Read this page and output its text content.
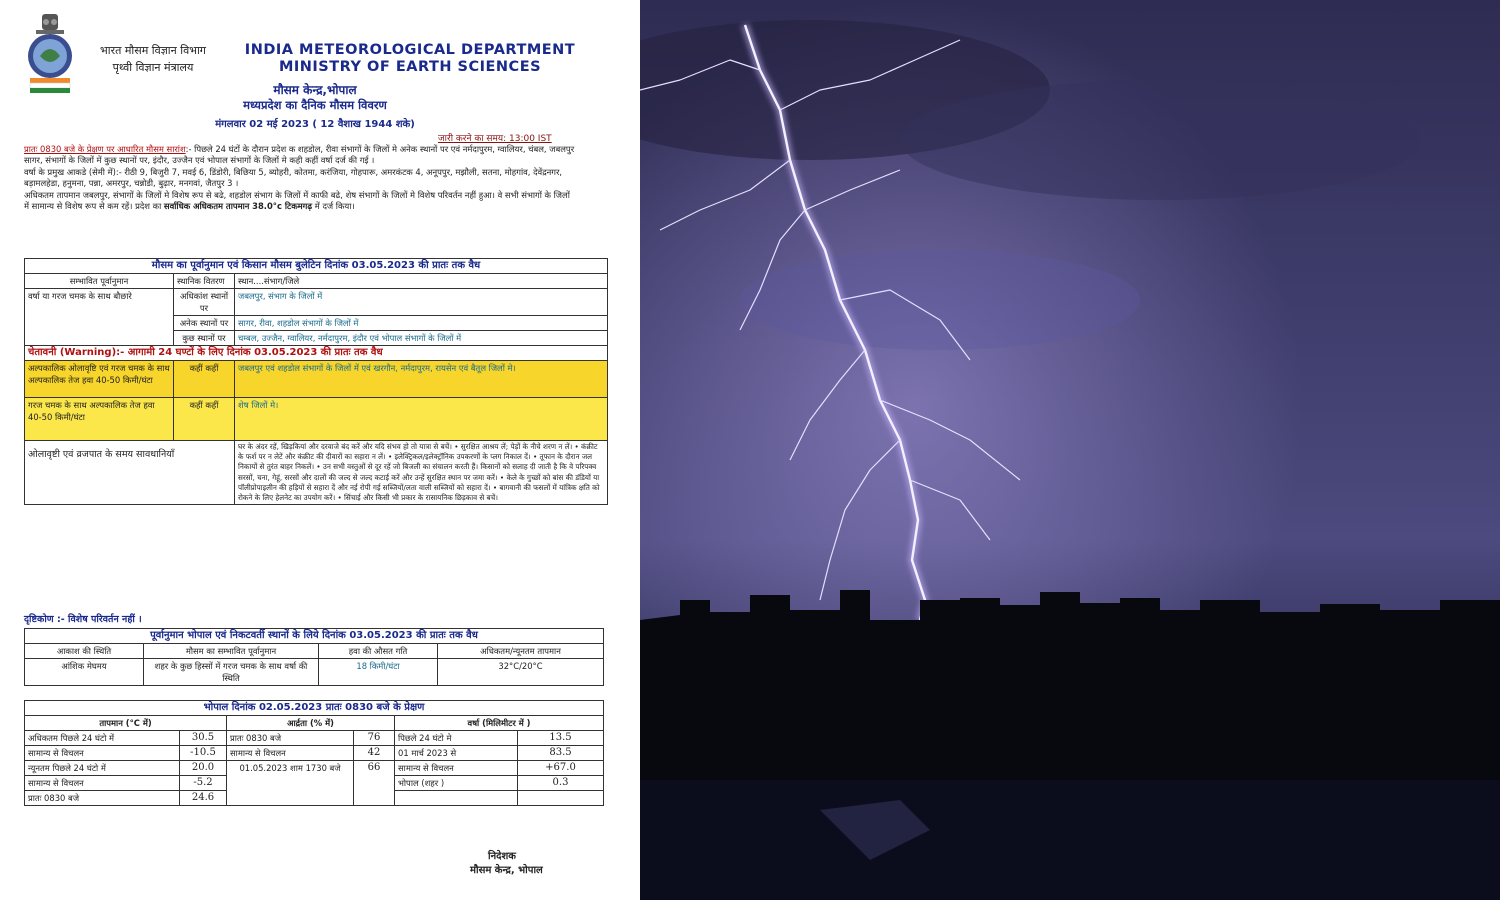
भारत मौसम विज्ञान विभाग
पृथ्वी विज्ञान मंत्रालय
INDIA METEOROLOGICAL DEPARTMENT
MINISTRY OF EARTH SCIENCES
मौसम केन्द्र,भोपाल
मध्यप्रदेश का दैनिक मौसम विवरण
मंगलवार 02 मई 2023 ( 12 वैशाख 1944 शके)
जारी करने का समय: 13:00 IST
प्रातः 0830 बजे के प्रेक्षण पर आधारित मौसम सारांश:- पिछले 24 घंटों के दौरान प्रदेश क शहडोल, रीवा संभागों के जिलों मे अनेक स्थानों पर एवं नर्मदापुरम, ग्वालियर, चंबल, जबलपुर सागर, संभागों के जिलों में कुछ स्थानों पर, इंदौर, उज्जैन एवं भोपाल संभागों के जिलों मे कही कहीं वर्षा दर्ज की गई ।
वर्षा के प्रमुख आकडे (सेमी में):- रीठी 9, बिजुरी 7, मवई 6, डिंडोरी, बिछिया 5, ब्योहरी, कोतमा, करंजिया, गोहपारू, अमरकंटक 4, अनूपपुर, मझौली, सतना, मोहगांव, देवेंद्रनगर, बड़ामलहेडा, हनुमना, पन्ना, अमरपुर, चन्नोडी, बुढ़ार, मनगवां, जैतपुर 3 ।
अधिकतम तापमान जबलपुर, संभागों के जिलों मे विशेष रूप से बढे, शहडोल संभाग के जिलों में काफी बढे, शेष संभागों के जिलों मे विशेष परिवर्तन नहीं हुआ। वे सभी संभागों के जिलों में सामान्य से विशेष रूप से कम रहें। प्रदेश का सर्वाधिक अधिकतम तापमान 38.0°c टिकमगढ़ में दर्ज किया।
मौसम का पूर्वानुमान एवं किसान मौसम बुलेटिन दिनांक 03.05.2023 की प्रातः तक वैध		
सम्भावित पूर्वानुमान	स्थानिक वितरण	स्थान....संभाग/जिले
वर्षा या गरज चमक के साथ बौछारे	अधिकांश स्थानों पर	जबलपुर, संभाग के जिलों में
	अनेक स्थानों पर	सागर, रीवा, शहडोल संभागों के जिलों में
	कुछ स्थानों पर	चम्बल, उज्जैन, ग्वालियर, नर्मदापुरम, इंदौर एवं भोपाल संभागों के जिलों में
चेतावनी (Warning):- आगामी 24 घण्टों के लिए दिनांक 03.05.2023 की प्रातः तक वैध		
अल्पकालिक ओलावृष्टि एवं गरज चमक के साथ अल्पकालिक तेज हवा 40-50 किमी/घंटा	कहीं कहीं	जबलपुर एवं शहडोल संभागों के जिलों में एवं खरगौन, नर्मदापुरम, रायसेन एवं बैतूल जिलों मे।
गरज चमक के साथ अल्पकालिक तेज हवा 40-50 किमी/घंटा	कहीं कहीं	शेष जिलों मे।
ओलावृष्टी एवं व्रजपात के समय सावधानियाँ		घर के अंदर रहें, खिड़कियां और दरवाजे बंद करें और यदि संभव हो तो यात्रा से बचें। • सुरक्षित आश्रय लें; पेड़ों के नीचे शरण न लें। • कंक्रीट के फर्श पर न लेटें और कंक्रीट की दीवारों का सहारा न लें। • इलेक्ट्रिकल/इलेक्ट्रॉनिक उपकरणों के प्लग निकाल दें। • तूफान के दौरान जल निकायों से तुरंत बाहर निकलें। • उन सभी वस्तुओं से दूर रहें जो बिजली का संचालन करती हैं। किसानों को सलाह दी जाती है कि वे परिपक्व सरसों, चना, गेहूं, सरसों और दालों की जल्द से जल्द कटाई करें और उन्हें सुरक्षित स्थान पर जमा करें। • केले के गुच्छों को बांस की डंडियों या पॉलीप्रोपाइलीन की हड़ियों से सहारा दें और नई रोपी गई सब्जियों/लता वाली सब्जियों को सहारा दें। • बागवानी की फसलों में यांत्रिक क्षति को रोकने के लिए हेलनेट का उपयोग करें। • सिंचाई और किसी भी प्रकार के रासायनिक छिड़काव से बचें।
दृष्टिकोण :- विशेष परिवर्तन नहीं ।
पूर्वानुमान भोपाल एवं निकटवर्ती स्थानों के लिये दिनांक 03.05.2023 की प्रातः तक वैध			
आकाश की स्थिति	मौसम का सम्भावित पूर्वानुमान	हवा की औसत गति	अधिकतम/न्यूनतम तापमान
आंशिक मेघमय	शहर के कुछ हिस्सों में गरज चमक के साथ वर्षा की स्थिति	18 किमी/घंटा	32°C/20°C
भोपाल दिनांक 02.05.2023 प्रातः 0830 बजे के प्रेक्षण					
तापमान (°C में)		आर्द्रता (% में)		वर्षा (मिलिमीटर में )	
अधिकतम पिछले 24 घंटो में	30.5	प्रातः 0830 बजे	76	पिछले 24 घंटो मे	13.5
सामान्य से विचलन	-10.5	सामान्य से विचलन	42	01 मार्च 2023 से	83.5
न्यूनतम पिछले 24 घंटो में	20.0	01.05.2023 शाम 1730 बजे	66	सामान्य से विचलन	+67.0
सामान्य से विचलन	-5.2			भोपाल (शहर )	0.3
प्रातः 0830 बजे	24.6				
निदेशक
मौसम केन्द्र, भोपाल
